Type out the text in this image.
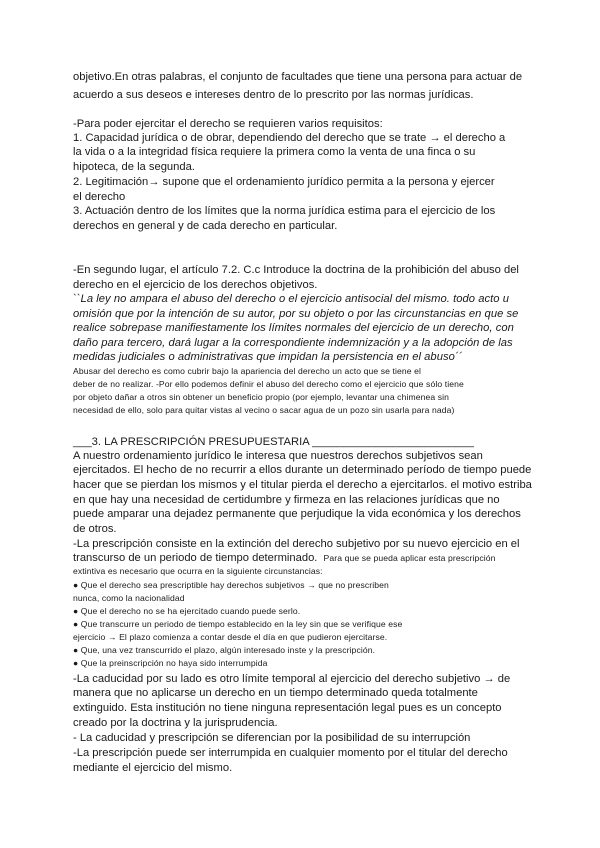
objetivo.En otras palabras, el conjunto de facultades que tiene una persona para actuar de
acuerdo a sus deseos e intereses dentro de lo prescrito por las normas jurídicas.
-Para poder ejercitar el derecho se requieren varios requisitos:
1. Capacidad jurídica o de obrar, dependiendo del derecho que se trate → el derecho a
la vida o a la integridad física requiere la primera como la venta de una finca o su
hipoteca, de la segunda.
2. Legitimación→ supone que el ordenamiento jurídico permita a la persona y ejercer
el derecho
3. Actuación dentro de los límites que la norma jurídica estima para el ejercicio de los
derechos en general y de cada derecho en particular.
-En segundo lugar, el artículo 7.2. C.c Introduce la doctrina de la prohibición del abuso del
derecho en el ejercicio de los derechos objetivos.
``La ley no ampara el abuso del derecho o el ejercicio antisocial del mismo. todo acto u
omisión que por la intención de su autor, por su objeto o por las circunstancias en que se
realice sobrepase manifiestamente los límites normales del ejercicio de un derecho, con
daño para tercero, dará lugar a la correspondiente indemnización y a la adopción de las
medidas judiciales o administrativas que impidan la persistencia en el abuso´´
Abusar del derecho es como cubrir bajo la apariencia del derecho un acto que se tiene el
deber de no realizar. -Por ello podemos definir el abuso del derecho como el ejercicio que sólo tiene
por objeto dañar a otros sin obtener un beneficio propio (por ejemplo, levantar una chimenea sin
necesidad de ello, solo para quitar vistas al vecino o sacar agua de un pozo sin usarla para nada)
___3. LA PRESCRIPCIÓN PRESUPUESTARIA __________________________
A nuestro ordenamiento jurídico le interesa que nuestros derechos subjetivos sean
ejercitados. El hecho de no recurrir a ellos durante un determinado período de tiempo puede
hacer que se pierdan los mismos y el titular pierda el derecho a ejercitarlos. el motivo estriba
en que hay una necesidad de certidumbre y firmeza en las relaciones jurídicas que no
puede amparar una dejadez permanente que perjudique la vida económica y los derechos
de otros.
-La prescripción consiste en la extinción del derecho subjetivo por su nuevo ejercicio en el
transcurso de un periodo de tiempo determinado. Para que se pueda aplicar esta prescripción
extintiva es necesario que ocurra en la siguiente circunstancias:
● Que el derecho sea prescriptible hay derechos subjetivos → que no prescriben
nunca, como la nacionalidad
● Que el derecho no se ha ejercitado cuando puede serlo.
● Que transcurre un periodo de tiempo establecido en la ley sin que se verifique ese
ejercicio → El plazo comienza a contar desde el día en que pudieron ejercitarse.
● Que, una vez transcurrido el plazo, algún interesado inste y la prescripción.
● Que la preinscripción no haya sido interrumpida
-La caducidad por su lado es otro límite temporal al ejercicio del derecho subjetivo → de
manera que no aplicarse un derecho en un tiempo determinado queda totalmente
extinguido. Esta institución no tiene ninguna representación legal pues es un concepto
creado por la doctrina y la jurisprudencia.
- La caducidad y prescripción se diferencian por la posibilidad de su interrupción
-La prescripción puede ser interrumpida en cualquier momento por el titular del derecho
mediante el ejercicio del mismo.
